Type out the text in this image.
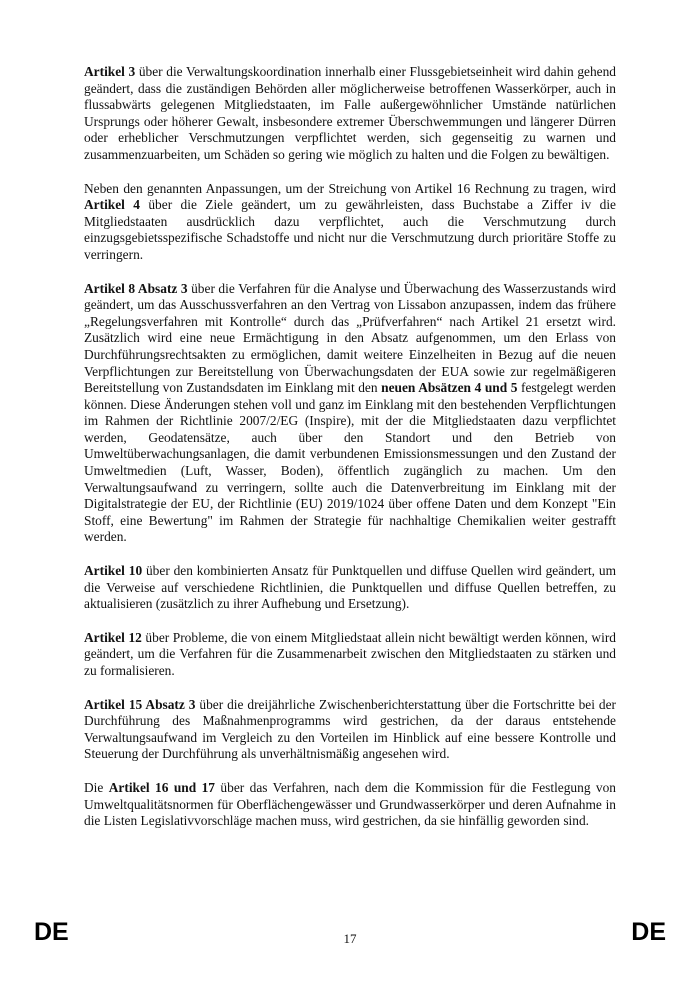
Artikel 3 über die Verwaltungskoordination innerhalb einer Flussgebietseinheit wird dahin gehend geändert, dass die zuständigen Behörden aller möglicherweise betroffenen Wasserkörper, auch in flussabwärts gelegenen Mitgliedstaaten, im Falle außergewöhnlicher Umstände natürlichen Ursprungs oder höherer Gewalt, insbesondere extremer Überschwemmungen und längerer Dürren oder erheblicher Verschmutzungen verpflichtet werden, sich gegenseitig zu warnen und zusammenzuarbeiten, um Schäden so gering wie möglich zu halten und die Folgen zu bewältigen.

Neben den genannten Anpassungen, um der Streichung von Artikel 16 Rechnung zu tragen, wird Artikel 4 über die Ziele geändert, um zu gewährleisten, dass Buchstabe a Ziffer iv die Mitgliedstaaten ausdrücklich dazu verpflichtet, auch die Verschmutzung durch einzugsgebietsspezifische Schadstoffe und nicht nur die Verschmutzung durch prioritäre Stoffe zu verringern.

Artikel 8 Absatz 3 über die Verfahren für die Analyse und Überwachung des Wasserzustands wird geändert, um das Ausschussverfahren an den Vertrag von Lissabon anzupassen, indem das frühere „Regelungsverfahren mit Kontrolle“ durch das „Prüfverfahren“ nach Artikel 21 ersetzt wird. Zusätzlich wird eine neue Ermächtigung in den Absatz aufgenommen, um den Erlass von Durchführungsrechtsakten zu ermöglichen, damit weitere Einzelheiten in Bezug auf die neuen Verpflichtungen zur Bereitstellung von Überwachungsdaten der EUA sowie zur regelmäßigeren Bereitstellung von Zustandsdaten im Einklang mit den neuen Absätzen 4 und 5 festgelegt werden können. Diese Änderungen stehen voll und ganz im Einklang mit den bestehenden Verpflichtungen im Rahmen der Richtlinie 2007/2/EG (Inspire), mit der die Mitgliedstaaten dazu verpflichtet werden, Geodatensätze, auch über den Standort und den Betrieb von Umweltüberwachungsanlagen, die damit verbundenen Emissionsmessungen und den Zustand der Umweltmedien (Luft, Wasser, Boden), öffentlich zugänglich zu machen. Um den Verwaltungsaufwand zu verringern, sollte auch die Datenverbreitung im Einklang mit der Digitalstrategie der EU, der Richtlinie (EU) 2019/1024 über offene Daten und dem Konzept "Ein Stoff, eine Bewertung" im Rahmen der Strategie für nachhaltige Chemikalien weiter gestrafft werden.

Artikel 10 über den kombinierten Ansatz für Punktquellen und diffuse Quellen wird geändert, um die Verweise auf verschiedene Richtlinien, die Punktquellen und diffuse Quellen betreffen, zu aktualisieren (zusätzlich zu ihrer Aufhebung und Ersetzung).

Artikel 12 über Probleme, die von einem Mitgliedstaat allein nicht bewältigt werden können, wird geändert, um die Verfahren für die Zusammenarbeit zwischen den Mitgliedstaaten zu stärken und zu formalisieren.

Artikel 15 Absatz 3 über die dreijährliche Zwischenberichterstattung über die Fortschritte bei der Durchführung des Maßnahmenprogramms wird gestrichen, da der daraus entstehende Verwaltungsaufwand im Vergleich zu den Vorteilen im Hinblick auf eine bessere Kontrolle und Steuerung der Durchführung als unverhältnismäßig angesehen wird.

Die Artikel 16 und 17 über das Verfahren, nach dem die Kommission für die Festlegung von Umweltqualitätsnormen für Oberflächengewässer und Grundwasserkörper und deren Aufnahme in die Listen Legislativvorschläge machen muss, wird gestrichen, da sie hinfällig geworden sind.

DE	17	DE
